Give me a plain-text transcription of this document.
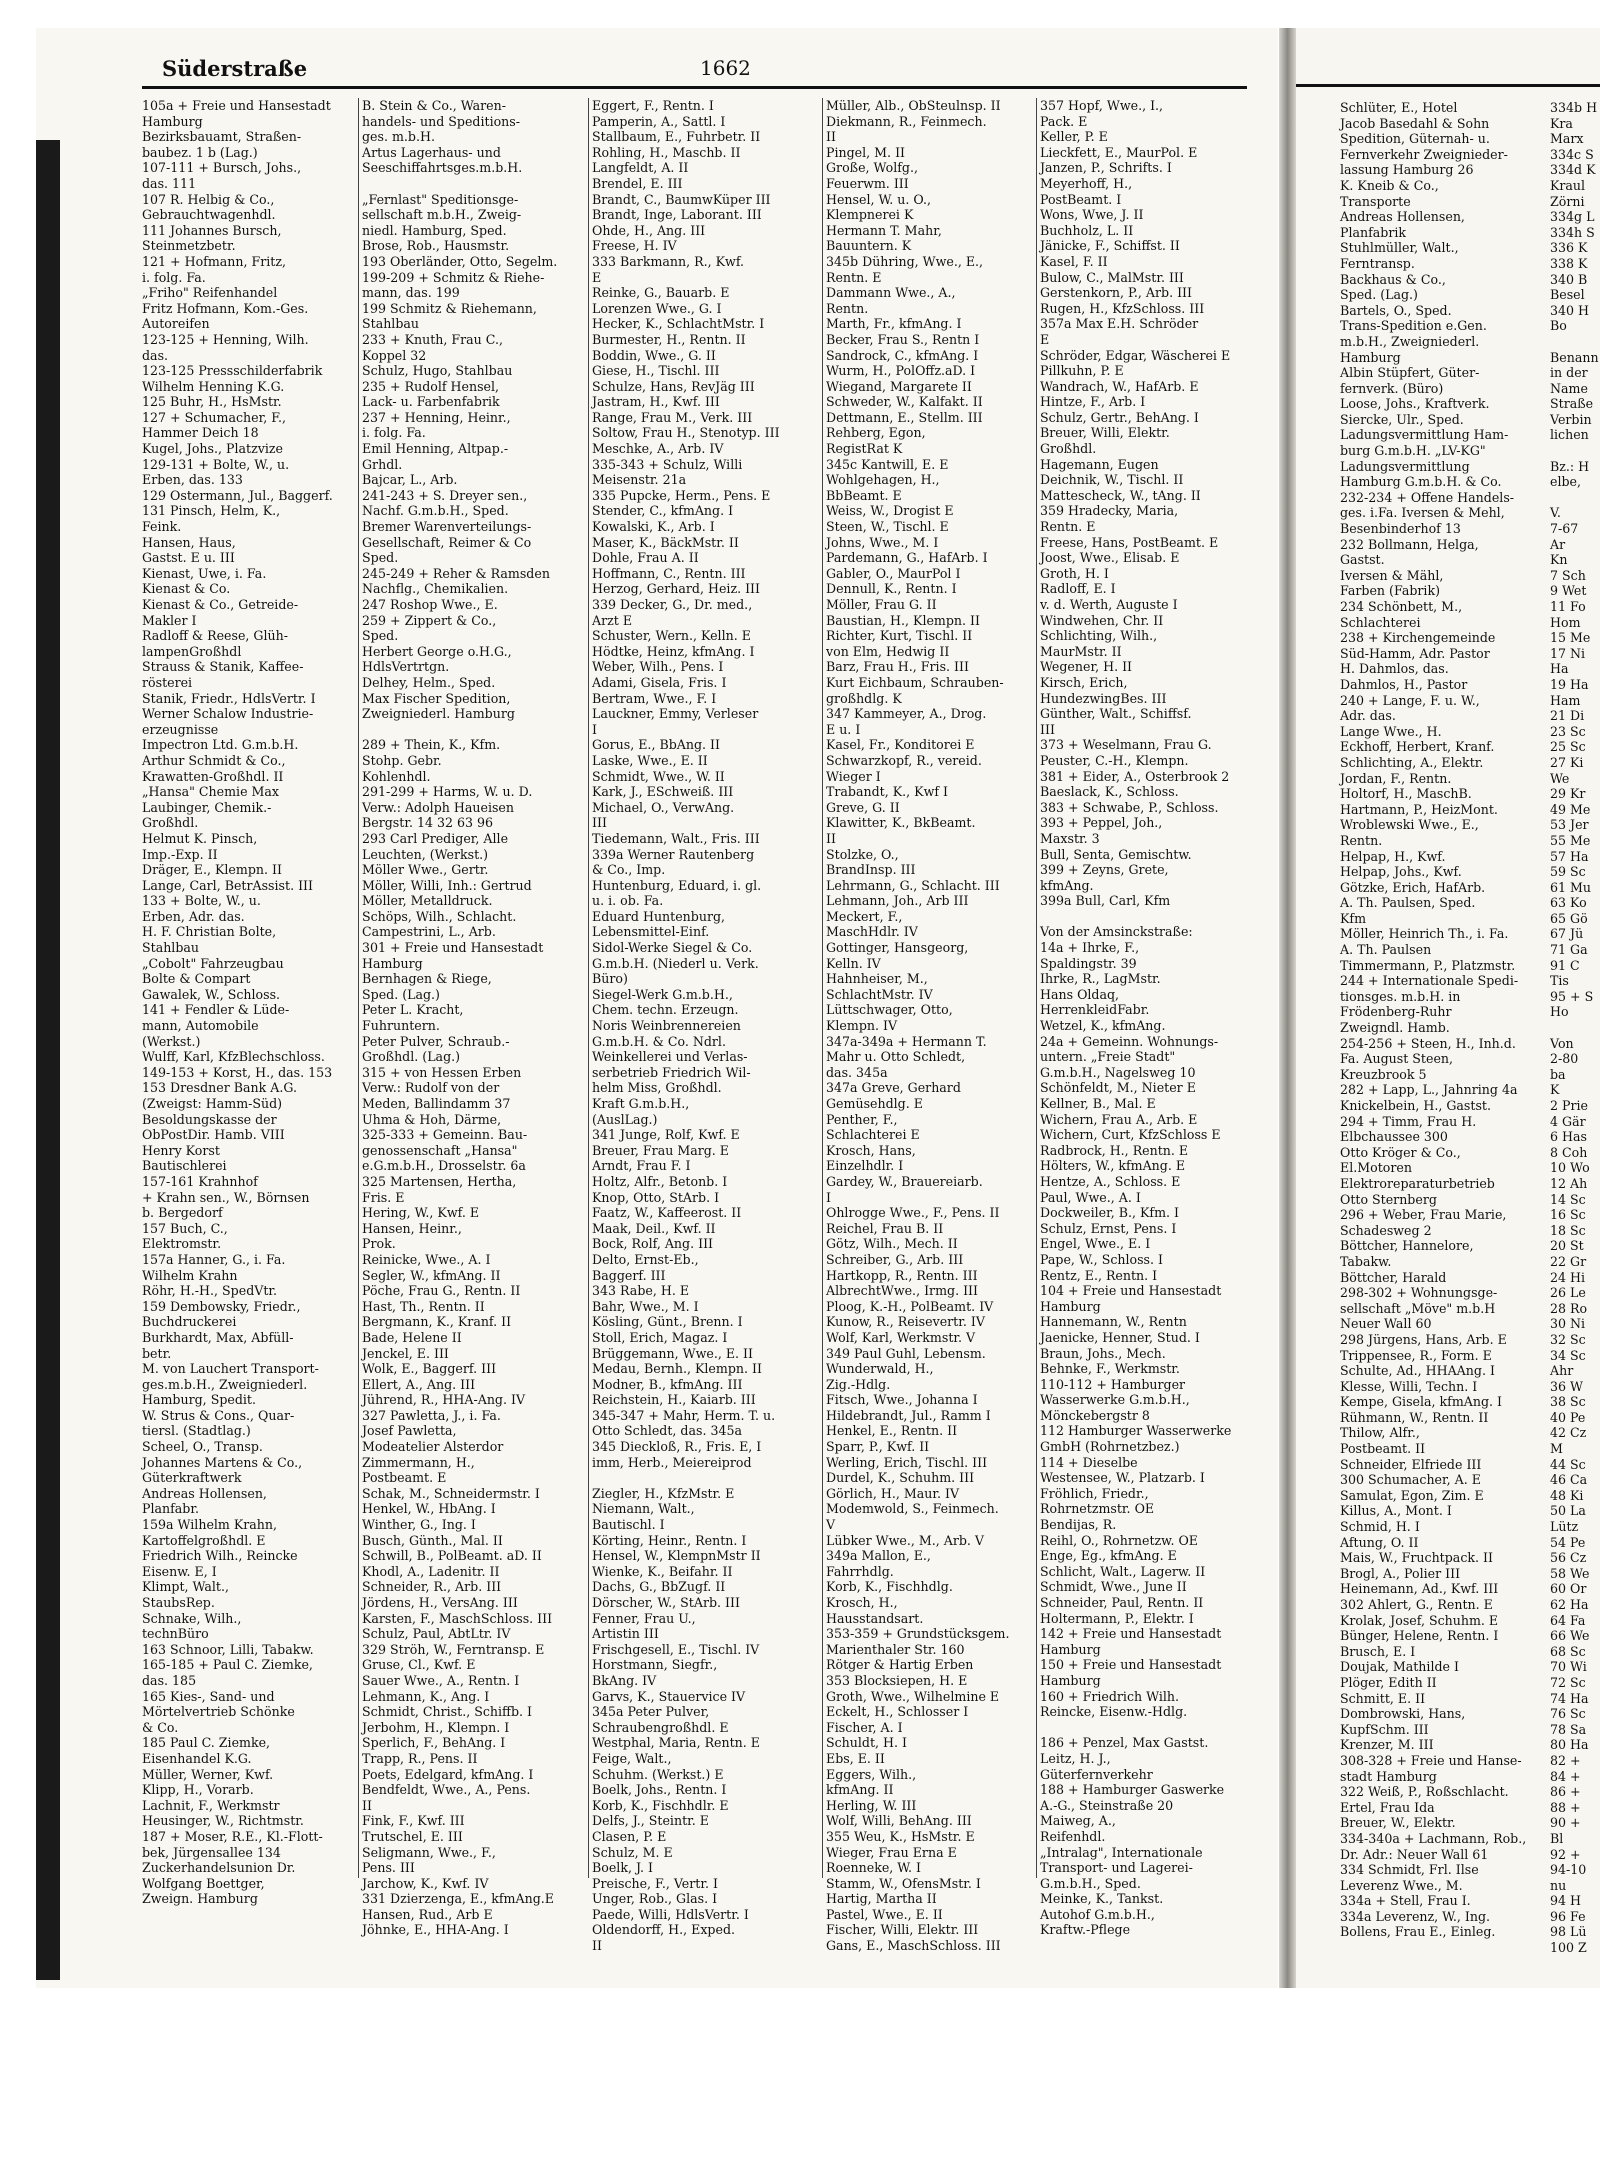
Süderstraße	1662
105a + Freie und Hansestadt
Hamburg
Bezirksbauamt, Straßen-
baubez. 1 b (Lag.)
107-111 + Bursch, Johs.,
das. 111
107 R. Helbig & Co.,
Gebrauchtwagenhdl.
111 Johannes Bursch,
Steinmetzbetr.
121 + Hofmann, Fritz,
i. folg. Fa.
„Friho" Reifenhandel
Fritz Hofmann, Kom.-Ges.
Autoreifen
123-125 + Henning, Wilh.
das.
123-125 Pressschilderfabrik
Wilhelm Henning K.G.
125 Buhr, H., HsMstr.
127 + Schumacher, F.,
Hammer Deich 18
Kugel, Johs., Platzvize
129-131 + Bolte, W., u.
Erben, das. 133
129 Ostermann, Jul., Baggerf.
131 Pinsch, Helm, K.,
Feink.
Hansen, Haus,
Gastst. E u. III
Kienast, Uwe, i. Fa.
Kienast & Co.
Kienast & Co., Getreide-
Makler I
Radloff & Reese, Glüh-
lampenGroßhdl
Strauss & Stanik, Kaffee-
rösterei
Stanik, Friedr., HdlsVertr. I
Werner Schalow Industrie-
erzeugnisse
Impectron Ltd. G.m.b.H.
Arthur Schmidt & Co.,
Krawatten-Großhdl. II
„Hansa" Chemie Max
Laubinger, Chemik.-
Großhdl.
Helmut K. Pinsch,
Imp.-Exp. II
Dräger, E., Klempn. II
Lange, Carl, BetrAssist. III
133 + Bolte, W., u.
Erben, Adr. das.
H. F. Christian Bolte,
Stahlbau
„Cobolt" Fahrzeugbau
Bolte & Compart
Gawalek, W., Schloss.
141 + Fendler & Lüde-
mann, Automobile
(Werkst.)
Wulff, Karl, KfzBlechschloss.
149-153 + Korst, H., das. 153
153 Dresdner Bank A.G.
(Zweigst: Hamm-Süd)
Besoldungskasse der
ObPostDir. Hamb. VIII
Henry Korst
Bautischlerei
157-161 Krahnhof
+ Krahn sen., W., Börnsen
b. Bergedorf
157 Buch, C.,
Elektromstr.
157a Hanner, G., i. Fa.
Wilhelm Krahn
Röhr, H.-H., SpedVtr.
159 Dembowsky, Friedr.,
Buchdruckerei
Burkhardt, Max, Abfüll-
betr.
M. von Lauchert Transport-
ges.m.b.H., Zweigniederl.
Hamburg, Spedit.
W. Strus & Cons., Quar-
tiersl. (Stadtlag.)
Scheel, O., Transp.
Johannes Martens & Co.,
Güterkraftwerk
Andreas Hollensen,
Planfabr.
159a Wilhelm Krahn,
Kartoffelgroßhdl. E
Friedrich Wilh., Reincke
Eisenw. E, I
Klimpt, Walt.,
StaubsRep.
Schnake, Wilh.,
technBüro
163 Schnoor, Lilli, Tabakw.
165-185 + Paul C. Ziemke,
das. 185
165 Kies-, Sand- und
Mörtelvertrieb Schönke
& Co.
185 Paul C. Ziemke,
Eisenhandel K.G.
Müller, Werner, Kwf.
Klipp, H., Vorarb.
Lachnit, F., Werkmstr
Heusinger, W., Richtmstr.
187 + Moser, R.E., Kl.-Flott-
bek, Jürgensallee 134
Zuckerhandelsunion Dr.
Wolfgang Boettger,
Zweign. Hamburg
B. Stein & Co., Waren-
handels- und Speditions-
ges. m.b.H.
Artus Lagerhaus- und
Seeschiffahrtsges.m.b.H.

„Fernlast" Speditionsge-
sellschaft m.b.H., Zweig-
niedl. Hamburg, Sped.
Brose, Rob., Hausmstr.
193 Oberländer, Otto, Segelm.
199-209 + Schmitz & Riehe-
mann, das. 199
199 Schmitz & Riehemann,
Stahlbau
233 + Knuth, Frau C.,
Koppel 32
Schulz, Hugo, Stahlbau
235 + Rudolf Hensel,
Lack- u. Farbenfabrik
237 + Henning, Heinr.,
i. folg. Fa.
Emil Henning, Altpap.-
Grhdl.
Bajcar, L., Arb.
241-243 + S. Dreyer sen.,
Nachf. G.m.b.H., Sped.
Bremer Warenverteilungs-
Gesellschaft, Reimer & Co
Sped.
245-249 + Reher & Ramsden
Nachflg., Chemikalien.
247 Roshop Wwe., E.
259 + Zippert & Co.,
Sped.
Herbert George o.H.G.,
HdlsVertrtgn.
Delhey, Helm., Sped.
Max Fischer Spedition,
Zweigniederl. Hamburg

289 + Thein, K., Kfm.
Stohp. Gebr.
Kohlenhdl.
291-299 + Harms, W. u. D.
Verw.: Adolph Haueisen
Bergstr. 14 32 63 96
293 Carl Prediger, Alle
Leuchten, (Werkst.)
Möller Wwe., Gertr.
Möller, Willi, Inh.: Gertrud
Möller, Metalldruck.
Schöps, Wilh., Schlacht.
Campestrini, L., Arb.
301 + Freie und Hansestadt
Hamburg
Bernhagen & Riege,
Sped. (Lag.)
Peter L. Kracht,
Fuhruntern.
Peter Pulver, Schraub.-
Großhdl. (Lag.)
315 + von Hessen Erben
Verw.: Rudolf von der
Meden, Ballindamm 37
Uhma & Hoh, Därme,
325-333 + Gemeinn. Bau-
genossenschaft „Hansa"
e.G.m.b.H., Drosselstr. 6a
325 Martensen, Hertha,
Fris. E
Hering, W., Kwf. E
Hansen, Heinr.,
Prok.
Reinicke, Wwe., A. I
Segler, W., kfmAng. II
Pöche, Frau G., Rentn. II
Hast, Th., Rentn. II
Bergmann, K., Kranf. II
Bade, Helene II
Jenckel, E. III
Wolk, E., Baggerf. III
Ellert, A., Ang. III
Jührend, R., HHA-Ang. IV
327 Pawletta, J., i. Fa.
Josef Pawletta,
Modeatelier Alsterdor
Zimmermann, H.,
Postbeamt. E
Schak, M., Schneidermstr. I
Henkel, W., HbAng. I
Winther, G., Ing. I
Busch, Günth., Mal. II
Schwill, B., PolBeamt. aD. II
Khodl, A., Ladenitr. II
Schneider, R., Arb. III
Jördens, H., VersAng. III
Karsten, F., MaschSchloss. III
Schulz, Paul, AbtLtr. IV
329 Ströh, W., Ferntransp. E
Gruse, Cl., Kwf. E
Sauer Wwe., A., Rentn. I
Lehmann, K., Ang. I
Schmidt, Christ., Schiffb. I
Jerbohm, H., Klempn. I
Sperlich, F., BehAng. I
Trapp, R., Pens. II
Poets, Edelgard, kfmAng. I
Bendfeldt, Wwe., A., Pens.
II
Fink, F., Kwf. III
Trutschel, E. III
Seligmann, Wwe., F.,
Pens. III
Jarchow, K., Kwf. IV
331 Dzierzenga, E., kfmAng.E
Hansen, Rud., Arb E
Jöhnke, E., HHA-Ang. I
Eggert, F., Rentn. I
Pamperin, A., Sattl. I
Stallbaum, E., Fuhrbetr. II
Rohling, H., Maschb. II
Langfeldt, A. II
Brendel, E. III
Brandt, C., BaumwKüper III
Brandt, Inge, Laborant. III
Ohde, H., Ang. III
Freese, H. IV
333 Barkmann, R., Kwf.
E
Reinke, G., Bauarb. E
Lorenzen Wwe., G. I
Hecker, K., SchlachtMstr. I
Burmester, H., Rentn. II
Boddin, Wwe., G. II
Giese, H., Tischl. III
Schulze, Hans, RevJäg III
Jastram, H., Kwf. III
Range, Frau M., Verk. III
Soltow, Frau H., Stenotyp. III
Meschke, A., Arb. IV
335-343 + Schulz, Willi
Meisenstr. 21a
335 Pupcke, Herm., Pens. E
Stender, C., kfmAng. I
Kowalski, K., Arb. I
Maser, K., BäckMstr. II
Dohle, Frau A. II
Hoffmann, C., Rentn. III
Herzog, Gerhard, Heiz. III
339 Decker, G., Dr. med.,
Arzt E
Schuster, Wern., Kelln. E
Hödtke, Heinz, kfmAng. I
Weber, Wilh., Pens. I
Adami, Gisela, Fris. I
Bertram, Wwe., F. I
Lauckner, Emmy, Verleser
I
Gorus, E., BbAng. II
Laske, Wwe., E. II
Schmidt, Wwe., W. II
Kark, J., ESchweiß. III
Michael, O., VerwAng.
III
Tiedemann, Walt., Fris. III
339a Werner Rautenberg
& Co., Imp.
Huntenburg, Eduard, i. gl.
u. i. ob. Fa.
Eduard Huntenburg,
Lebensmittel-Einf.
Sidol-Werke Siegel & Co.
G.m.b.H. (Niederl u. Verk.
Büro)
Siegel-Werk G.m.b.H.,
Chem. techn. Erzeugn.
Noris Weinbrennereien
G.m.b.H. & Co. Ndrl.
Weinkellerei und Verlas-
serbetrieb Friedrich Wil-
helm Miss, Großhdl.
Kraft G.m.b.H.,
(AuslLag.)
341 Junge, Rolf, Kwf. E
Breuer, Frau Marg. E
Arndt, Frau F. I
Holtz, Alfr., Betonb. I
Knop, Otto, StArb. I
Faatz, W., Kaffeerost. II
Maak, Deil., Kwf. II
Bock, Rolf, Ang. III
Delto, Ernst-Eb.,
Baggerf. III
343 Rabe, H. E
Bahr, Wwe., M. I
Kösling, Günt., Brenn. I
Stoll, Erich, Magaz. I
Brüggemann, Wwe., E. II
Medau, Bernh., Klempn. II
Modner, B., kfmAng. III
Reichstein, H., Kaiarb. III
345-347 + Mahr, Herm. T. u.
Otto Schledt, das. 345a
345 Dieckloß, R., Fris. E, I
imm, Herb., Meiereiprod

Ziegler, H., KfzMstr. E
Niemann, Walt.,
Bautischl. I
Körting, Heinr., Rentn. I
Hensel, W., KlempnMstr II
Wienke, K., Beifahr. II
Dachs, G., BbZugf. II
Dörscher, W., StArb. III
Fenner, Frau U.,
Artistin III
Frischgesell, E., Tischl. IV
Horstmann, Siegfr.,
BkAng. IV
Garvs, K., Stauervice IV
345a Peter Pulver,
Schraubengroßhdl. E
Westphal, Maria, Rentn. E
Feige, Walt.,
Schuhm. (Werkst.) E
Boelk, Johs., Rentn. I
Korb, K., Fischhdlr. E
Delfs, J., Steintr. E
Clasen, P. E
Schulz, M. E
Boelk, J. I
Preische, F., Vertr. I
Unger, Rob., Glas. I
Paede, Willi, HdlsVertr. I
Oldendorff, H., Exped.
II
Müller, Alb., ObSteulnsp. II
Diekmann, R., Feinmech.
II
Pingel, M. II
Große, Wolfg.,
Feuerwm. III
Hensel, W. u. O.,
Klempnerei K
Hermann T. Mahr,
Bauuntern. K
345b Dühring, Wwe., E.,
Rentn. E
Dammann Wwe., A.,
Rentn.
Marth, Fr., kfmAng. I
Becker, Frau S., Rentn I
Sandrock, C., kfmAng. I
Wurm, H., PolOffz.aD. I
Wiegand, Margarete II
Schweder, W., Kalfakt. II
Dettmann, E., Stellm. III
Rehberg, Egon,
RegistRat K
345c Kantwill, E. E
Wohlgehagen, H.,
BbBeamt. E
Weiss, W., Drogist E
Steen, W., Tischl. E
Johns, Wwe., M. I
Pardemann, G., HafArb. I
Gabler, O., MaurPol I
Dennull, K., Rentn. I
Möller, Frau G. II
Baustian, H., Klempn. II
Richter, Kurt, Tischl. II
von Elm, Hedwig II
Barz, Frau H., Fris. III
Kurt Eichbaum, Schrauben-
großhdlg. K
347 Kammeyer, A., Drog.
E u. I
Kasel, Fr., Konditorei E
Schwarzkopf, R., vereid.
Wieger I
Trabandt, K., Kwf I
Greve, G. II
Klawitter, K., BkBeamt.
II
Stolzke, O.,
BrandInsp. III
Lehrmann, G., Schlacht. III
Lehmann, Joh., Arb III
Meckert, F.,
MaschHdlr. IV
Gottinger, Hansgeorg,
Kelln. IV
Hahnheiser, M.,
SchlachtMstr. IV
Lüttschwager, Otto,
Klempn. IV
347a-349a + Hermann T.
Mahr u. Otto Schledt,
das. 345a
347a Greve, Gerhard
Gemüsehdlg. E
Penther, F.,
Schlachterei E
Krosch, Hans,
Einzelhdlr. I
Gardey, W., Brauereiarb.
I
Ohlrogge Wwe., F., Pens. II
Reichel, Frau B. II
Götz, Wilh., Mech. II
Schreiber, G., Arb. III
Hartkopp, R., Rentn. III
AlbrechtWwe., Irmg. III
Ploog, K.-H., PolBeamt. IV
Kunow, R., Reisevertr. IV
Wolf, Karl, Werkmstr. V
349 Paul Guhl, Lebensm.
Wunderwald, H.,
Zig.-Hdlg.
Fitsch, Wwe., Johanna I
Hildebrandt, Jul., Ramm I
Henkel, E., Rentn. II
Sparr, P., Kwf. II
Werling, Erich, Tischl. III
Durdel, K., Schuhm. III
Görlich, H., Maur. IV
Modemwold, S., Feinmech.
V
Lübker Wwe., M., Arb. V
349a Mallon, E.,
Fahrrhdlg.
Korb, K., Fischhdlg.
Krosch, H.,
Hausstandsart.
353-359 + Grundstücksgem.
Marienthaler Str. 160
Rötger & Hartig Erben
353 Blocksiepen, H. E
Groth, Wwe., Wilhelmine E
Eckelt, H., Schlosser I
Fischer, A. I
Schuldt, H. I
Ebs, E. II
Eggers, Wilh.,
kfmAng. II
Herling, W. III
Wolf, Willi, BehAng. III
355 Weu, K., HsMstr. E
Wieger, Frau Erna E
Roenneke, W. I
Stamm, W., OfensMstr. I
Hartig, Martha II
Pastel, Wwe., E. II
Fischer, Willi, Elektr. III
Gans, E., MaschSchloss. III
357 Hopf, Wwe., I.,
Pack. E
Keller, P. E
Lieckfett, E., MaurPol. E
Janzen, P., Schrifts. I
Meyerhoff, H.,
PostBeamt. I
Wons, Wwe, J. II
Buchholz, L. II
Jänicke, F., Schiffst. II
Kasel, F. II
Bulow, C., MalMstr. III
Gerstenkorn, P., Arb. III
Rugen, H., KfzSchloss. III
357a Max E.H. Schröder
E
Schröder, Edgar, Wäscherei E
Pillkuhn, P. E
Wandrach, W., HafArb. E
Hintze, F., Arb. I
Schulz, Gertr., BehAng. I
Breuer, Willi, Elektr.
Großhdl.
Hagemann, Eugen
Deichnik, W., Tischl. II
Mattescheck, W., tAng. II
359 Hradecky, Maria,
Rentn. E
Freese, Hans, PostBeamt. E
Joost, Wwe., Elisab. E
Groth, H. I
Radloff, E. I
v. d. Werth, Auguste I
Windwehen, Chr. II
Schlichting, Wilh.,
MaurMstr. II
Wegener, H. II
Kirsch, Erich,
HundezwingBes. III
Günther, Walt., Schiffsf.
III
373 + Weselmann, Frau G.
Peuster, C.-H., Klempn.
381 + Eider, A., Osterbrook 2
Baeslack, K., Schloss.
383 + Schwabe, P., Schloss.
393 + Peppel, Joh.,
Maxstr. 3
Bull, Senta, Gemischtw.
399 + Zeyns, Grete,
kfmAng.
399a Bull, Carl, Kfm

Von der Amsinckstraße:
14a + Ihrke, F.,
Spaldingstr. 39
Ihrke, R., LagMstr.
Hans Oldaq,
HerrenkleidFabr.
Wetzel, K., kfmAng.
24a + Gemeinn. Wohnungs-
untern. „Freie Stadt"
G.m.b.H., Nagelsweg 10
Schönfeldt, M., Nieter E
Kellner, B., Mal. E
Wichern, Frau A., Arb. E
Wichern, Curt, KfzSchloss E
Radbrock, H., Rentn. E
Hölters, W., kfmAng. E
Hentze, A., Schloss. E
Paul, Wwe., A. I
Dockweiler, B., Kfm. I
Schulz, Ernst, Pens. I
Engel, Wwe., E. I
Pape, W., Schloss. I
Rentz, E., Rentn. I
104 + Freie und Hansestadt
Hamburg
Hannemann, W., Rentn
Jaenicke, Henner, Stud. I
Braun, Johs., Mech.
Behnke, F., Werkmstr.
110-112 + Hamburger
Wasserwerke G.m.b.H.,
Mönckebergstr 8
112 Hamburger Wasserwerke
GmbH (Rohrnetzbez.)
114 + Dieselbe
Westensee, W., Platzarb. I
Fröhlich, Friedr.,
Rohrnetzmstr. OE
Bendijas, R.
Reihl, O., Rohrnetzw. OE
Enge, Eg., kfmAng. E
Schlicht, Walt., Lagerw. II
Schmidt, Wwe., June II
Schneider, Paul, Rentn. II
Holtermann, P., Elektr. I
142 + Freie und Hansestadt
Hamburg
150 + Freie und Hansestadt
Hamburg
160 + Friedrich Wilh.
Reincke, Eisenw.-Hdlg.

186 + Penzel, Max Gastst.
Leitz, H. J.,
Güterfernverkehr
188 + Hamburger Gaswerke
A.-G., Steinstraße 20
Maiweg, A.,
Reifenhdl.
„Intralag", Internationale
Transport- und Lagerei-
G.m.b.H., Sped.
Meinke, K., Tankst.
Autohof G.m.b.H.,
Kraftw.-Pflege
Schlüter, E., Hotel
Jacob Basedahl & Sohn
Spedition, Güternah- u.
Fernverkehr Zweignieder-
lassung Hamburg 26
K. Kneib & Co.,
Transporte
Andreas Hollensen,
Planfabrik
Stuhlmüller, Walt.,
Ferntransp.
Backhaus & Co.,
Sped. (Lag.)
Bartels, O., Sped.
Trans-Spedition e.Gen.
m.b.H., Zweigniederl.
Hamburg
Albin Stüpfert, Güter-
fernverk. (Büro)
Loose, Johs., Kraftverk.
Siercke, Ulr., Sped.
Ladungsvermittlung Ham-
burg G.m.b.H. „LV-KG"
Ladungsvermittlung
Hamburg G.m.b.H. & Co.
232-234 + Offene Handels-
ges. i.Fa. Iversen & Mehl,
Besenbinderhof 13
232 Bollmann, Helga,
Gastst.
Iversen & Mähl,
Farben (Fabrik)
234 Schönbett, M.,
Schlachterei
238 + Kirchengemeinde
Süd-Hamm, Adr. Pastor
H. Dahmlos, das.
Dahmlos, H., Pastor
240 + Lange, F. u. W.,
Adr. das.
Lange Wwe., H.
Eckhoff, Herbert, Kranf.
Schlichting, A., Elektr.
Jordan, F., Rentn.
Holtorf, H., MaschB.
Hartmann, P., HeizMont.
Wroblewski Wwe., E.,
Rentn.
Helpap, H., Kwf.
Helpap, Johs., Kwf.
Götzke, Erich, HafArb.
A. Th. Paulsen, Sped.
Kfm
Möller, Heinrich Th., i. Fa.
A. Th. Paulsen
Timmermann, P., Platzmstr.
244 + Internationale Spedi-
tionsges. m.b.H. in
Frödenberg-Ruhr
Zweigndl. Hamb.
254-256 + Steen, H., Inh.d.
Fa. August Steen,
Kreuzbrook 5
282 + Lapp, L., Jahnring 4a
Knickelbein, H., Gastst.
294 + Timm, Frau H.
Elbchaussee 300
Otto Kröger & Co.,
El.Motoren
Elektroreparaturbetrieb
Otto Sternberg
296 + Weber, Frau Marie,
Schadesweg 2
Böttcher, Hannelore,
Tabakw.
Böttcher, Harald
298-302 + Wohnungsge-
sellschaft „Möve" m.b.H
Neuer Wall 60
298 Jürgens, Hans, Arb. E
Trippensee, R., Form. E
Schulte, Ad., HHAAng. I
Klesse, Willi, Techn. I
Kempe, Gisela, kfmAng. I
Rühmann, W., Rentn. II
Thilow, Alfr.,
Postbeamt. II
Schneider, Elfriede III
300 Schumacher, A. E
Samulat, Egon, Zim. E
Killus, A., Mont. I
Schmid, H. I
Aftung, O. II
Mais, W., Fruchtpack. II
Brogl, A., Polier III
Heinemann, Ad., Kwf. III
302 Ahlert, G., Rentn. E
Krolak, Josef, Schuhm. E
Bünger, Helene, Rentn. I
Brusch, E. I
Doujak, Mathilde I
Plöger, Edith II
Schmitt, E. II
Dombrowski, Hans,
KupfSchm. III
Krenzer, M. III
308-328 + Freie und Hanse-
stadt Hamburg
322 Weiß, P., Roßschlacht.
Ertel, Frau Ida
Breuer, W., Elektr.
334-340a + Lachmann, Rob.,
Dr. Adr.: Neuer Wall 61
334 Schmidt, Frl. Ilse
Leverenz Wwe., M.
334a + Stell, Frau I.
334a Leverenz, W., Ing.
Bollens, Frau E., Einleg.
334b H
Kra
Marx
334c S
334d K
Kraul
Zörni
334g L
334h S
336 K
338 K
340 B
Besel
340 H
Bo

Benann
in der
Name
Straße
Verbin
lichen

Bz.: H
elbe,

V.
7-67
Ar
Kn
7 Sch
9 Wet
11 Fo
Hom
15 Me
17 Ni
Ha
19 Ha
Ham
21 Di
23 Sc
25 Sc
27 Ki
We
29 Kr
49 Me
53 Jer
55 Me
57 Ha
59 Sc
61 Mu
63 Ko
65 Gö
67 Jü
71 Ga
91 C
Tis
95 + S
Ho

Von
2-80
ba
K
2 Prie
4 Gär
6 Has
8 Coh
10 Wo
12 Ah
14 Sc
16 Sc
18 Sc
20 St
22 Gr
24 Hi
26 Le
28 Ro
30 Ni
32 Sc
34 Sc
Ahr
36 W
38 Sc
40 Pe
42 Cz
M
44 Sc
46 Ca
48 Ki
50 La
Lütz
54 Pe
56 Cz
58 We
60 Or
62 Ha
64 Fa
66 We
68 Sc
70 Wi
72 Sc
74 Ha
76 Sc
78 Sa
80 Ha
82 +
84 +
86 +
88 +
90 +
Bl
92 +
94-10
nu
94 H
96 Fe
98 Lü
100 Z
